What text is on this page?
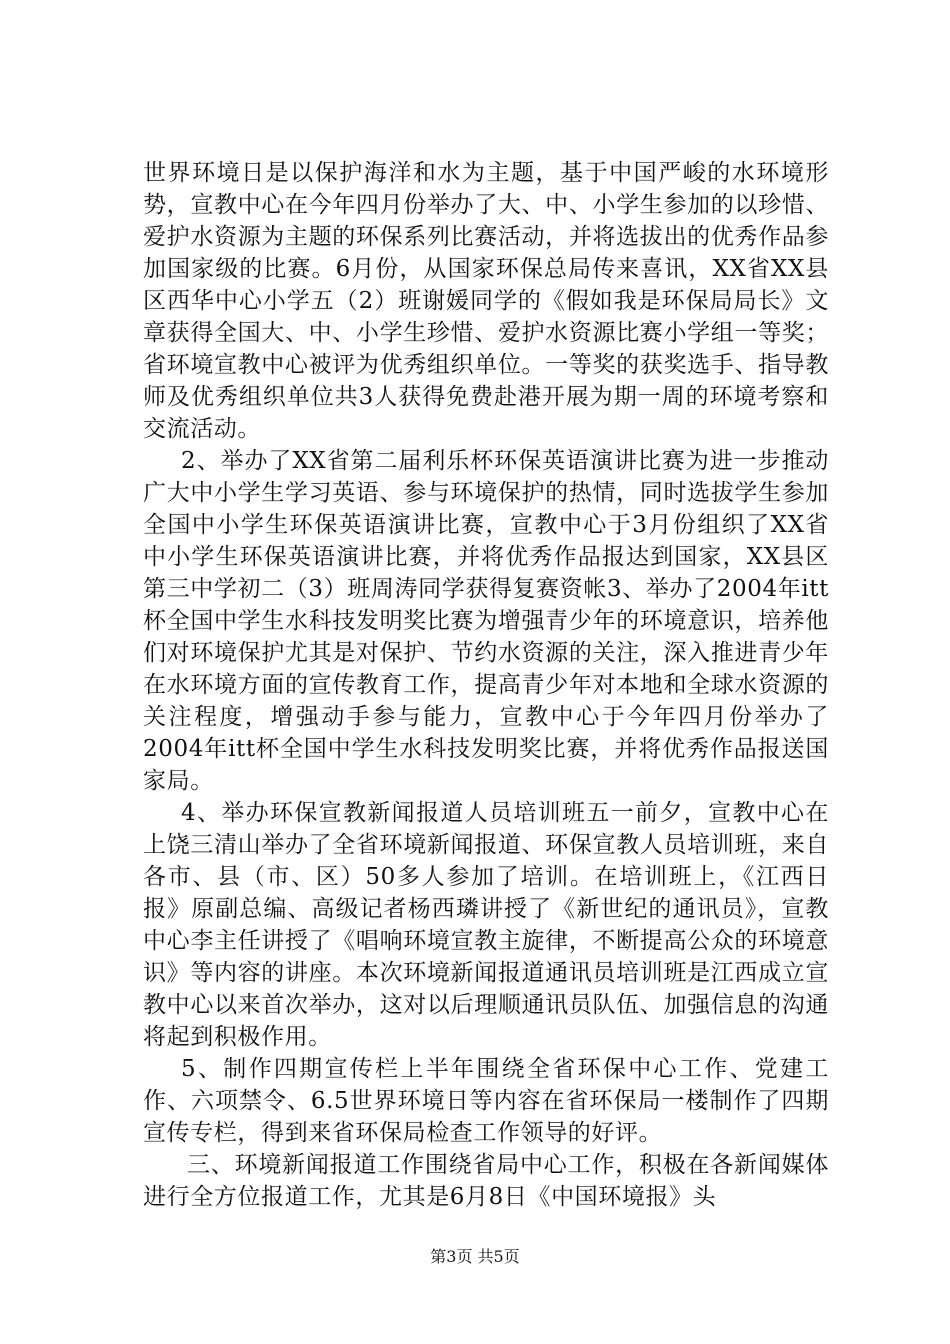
世界环境日是以保护海洋和水为主题，基于中国严峻的水环境形势，宣教中心在今年四月份举办了大、中、小学生参加的以珍惜、爱护水资源为主题的环保系列比赛活动，并将选拔出的优秀作品参加国家级的比赛。6月份，从国家环保总局传来喜讯，XX省XX县区西华中心小学五（2）班谢媛同学的《假如我是环保局局长》文章获得全国大、中、小学生珍惜、爱护水资源比赛小学组一等奖；省环境宣教中心被评为优秀组织单位。一等奖的获奖选手、指导教师及优秀组织单位共3人获得免费赴港开展为期一周的环境考察和交流活动。

2、举办了XX省第二届利乐杯环保英语演讲比赛为进一步推动广大中小学生学习英语、参与环境保护的热情，同时选拔学生参加全国中小学生环保英语演讲比赛，宣教中心于3月份组织了XX省中小学生环保英语演讲比赛，并将优秀作品报达到国家，XX县区第三中学初二（3）班周涛同学获得复赛资帐3、举办了2004年itt杯全国中学生水科技发明奖比赛为增强青少年的环境意识，培养他们对环境保护尤其是对保护、节约水资源的关注，深入推进青少年在水环境方面的宣传教育工作，提高青少年对本地和全球水资源的关注程度，增强动手参与能力，宣教中心于今年四月份举办了2004年itt杯全国中学生水科技发明奖比赛，并将优秀作品报送国家局。

4、举办环保宣教新闻报道人员培训班五一前夕，宣教中心在上饶三清山举办了全省环境新闻报道、环保宣教人员培训班，来自各市、县（市、区）50多人参加了培训。在培训班上，《江西日报》原副总编、高级记者杨西璘讲授了《新世纪的通讯员》，宣教中心李主任讲授了《唱响环境宣教主旋律，不断提高公众的环境意识》等内容的讲座。本次环境新闻报道通讯员培训班是江西成立宣教中心以来首次举办，这对以后理顺通讯员队伍、加强信息的沟通将起到积极作用。

5、制作四期宣传栏上半年围绕全省环保中心工作、党建工作、六项禁令、6.5世界环境日等内容在省环保局一楼制作了四期宣传专栏，得到来省环保局检查工作领导的好评。

三、环境新闻报道工作围绕省局中心工作，积极在各新闻媒体进行全方位报道工作，尤其是6月8日《中国环境报》头

第3页 共5页
